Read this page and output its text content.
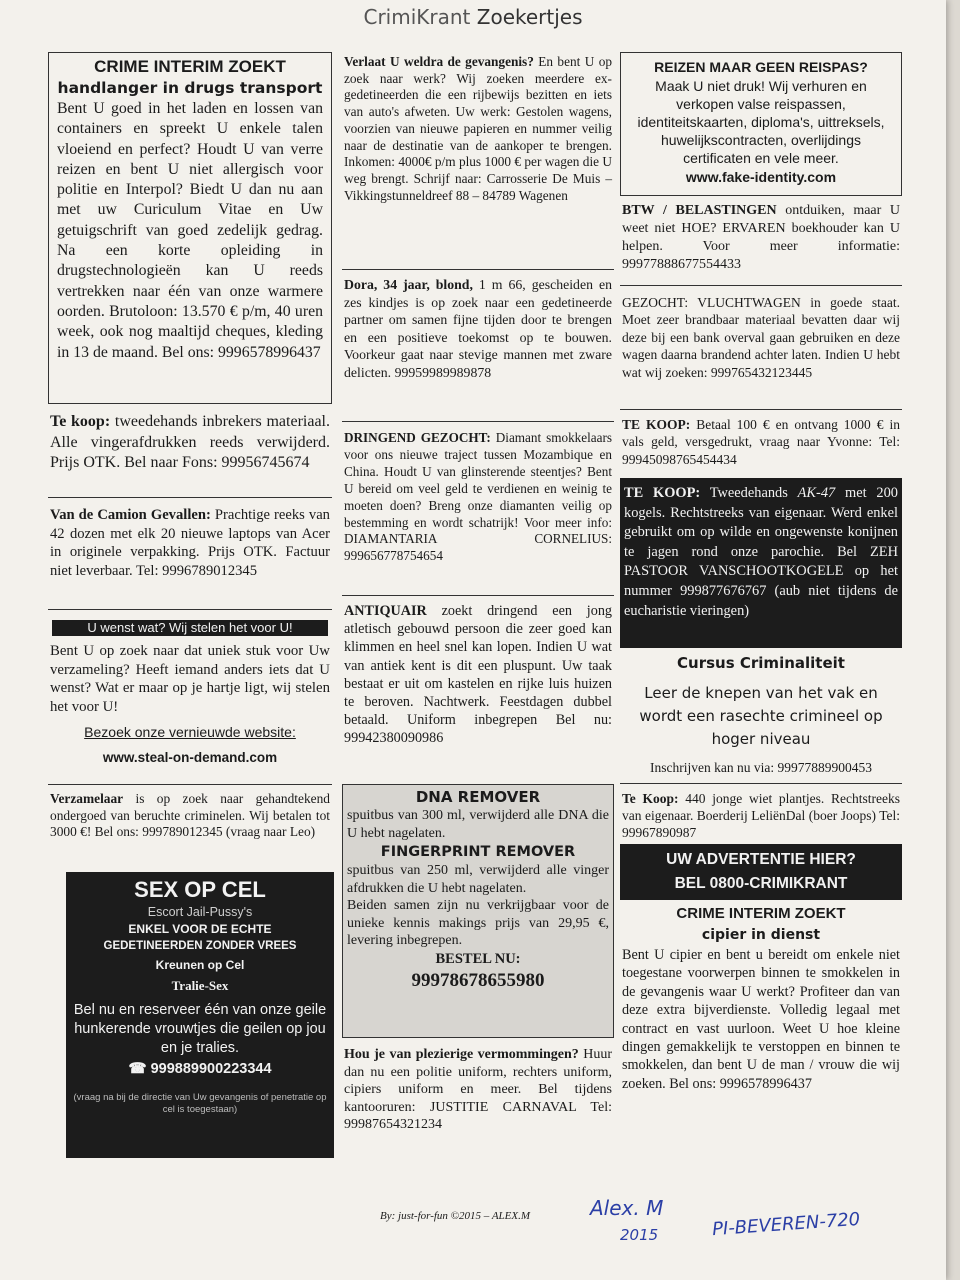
CrimiKrant Zoekertjes
CRIME INTERIM ZOEKT
handlanger in drugs transport

Bent U goed in het laden en lossen van containers en spreekt U enkele talen vloeiend en perfect? Houdt U van verre reizen en bent U niet allergisch voor politie en Interpol? Biedt U dan nu aan met uw Curiculum Vitae en Uw getuigschrift van goed zedelijk gedrag. Na een korte opleiding in drugstechnologieën kan U reeds vertrekken naar één van onze warmere oorden. Brutoloon: 13.570 € p/m, 40 uren week, ook nog maaltijd cheques, kleding in 13 de maand. Bel ons: 9996578996437

Te koop: tweedehands inbrekers materiaal. Alle vingerafdrukken reeds verwijderd. Prijs OTK. Bel naar Fons: 99956745674

Van de Camion Gevallen: Prachtige reeks van 42 dozen met elk 20 nieuwe laptops van Acer in originele verpakking. Prijs OTK. Factuur niet leverbaar. Tel: 9996789012345

U wenst wat? Wij stelen het voor U!

Bent U op zoek naar dat uniek stuk voor Uw verzameling? Heeft iemand anders iets dat U wenst? Wat er maar op je hartje ligt, wij stelen het voor U!

Bezoek onze vernieuwde website:
www.steal-on-demand.com

Verzamelaar is op zoek naar gehandtekend ondergoed van beruchte criminelen. Wij betalen tot 3000 €! Bel ons: 999789012345 (vraag naar Leo)

SEX OP CEL
Escort Jail-Pussy's
ENKEL VOOR DE ECHTE
GEDETINEERDEN ZONDER VREES
Kreunen op Cel
Tralie-Sex

Bel nu en reserveer één van onze geile hunkerende vrouwtjes die geilen op jou en je tralies.

☎ 999889900223344

(vraag na bij de directie van Uw gevangenis of penetratie op cel is toegestaan)

Verlaat U weldra de gevangenis? En bent U op zoek naar werk? Wij zoeken meerdere ex-gedetineerden die een rijbewijs bezitten en iets van auto's afweten. Uw werk: Gestolen wagens, voorzien van nieuwe papieren en nummer veilig naar de destinatie van de aankoper te brengen. Inkomen: 4000€ p/m plus 1000 € per wagen die U weg brengt. Schrijf naar: Carrosserie De Muis – Vikkingstunneldreef 88 – 84789 Wagenen

Dora, 34 jaar, blond, 1 m 66, gescheiden en zes kindjes is op zoek naar een gedetineerde partner om samen fijne tijden door te brengen en een positieve toekomst op te bouwen. Voorkeur gaat naar stevige mannen met zware delicten. 99959989989878

DRINGEND GEZOCHT: Diamant smokkelaars voor ons nieuwe traject tussen Mozambique en China. Houdt U van glinsterende steentjes? Bent U bereid om veel geld te verdienen en weinig te moeten doen? Breng onze diamanten veilig op bestemming en wordt schatrijk! Voor meer info: DIAMANTARIA CORNELIUS: 999656778754654

ANTIQUAIR zoekt dringend een jong atletisch gebouwd persoon die zeer goed kan klimmen en heel snel kan lopen. Indien U wat van antiek kent is dit een pluspunt. Uw taak bestaat er uit om kastelen en rijke luis huizen te beroven. Nachtwerk. Feestdagen dubbel betaald. Uniform inbegrepen Bel nu: 99942380090986

DNA REMOVER

spuitbus van 300 ml, verwijderd alle DNA die U hebt nagelaten.

FINGERPRINT REMOVER

spuitbus van 250 ml, verwijderd alle vinger afdrukken die U hebt nagelaten.

Beiden samen zijn nu verkrijgbaar voor de unieke kennis makings prijs van 29,95 €, levering inbegrepen.

BESTEL NU:
99978678655980

Hou je van plezierige vermommingen? Huur dan nu een politie uniform, rechters uniform, cipiers uniform en meer. Bel tijdens kantooruren: JUSTITIE CARNAVAL Tel: 99987654321234

REIZEN MAAR GEEN REISPAS?

Maak U niet druk! Wij verhuren en verkopen valse reispassen, identiteitskaarten, diploma's, uittreksels, huwelijkscontracten, overlijdings certificaten en vele meer.

www.fake-identity.com

BTW / BELASTINGEN ontduiken, maar U weet niet HOE? ERVAREN boekhouder kan U helpen. Voor meer informatie: 99977888677554433

GEZOCHT: VLUCHTWAGEN in goede staat. Moet zeer brandbaar materiaal bevatten daar wij deze bij een bank overval gaan gebruiken en deze wagen daarna brandend achter laten. Indien U hebt wat wij zoeken: 999765432123445

TE KOOP: Betaal 100 € en ontvang 1000 € in vals geld, versgedrukt, vraag naar Yvonne: Tel: 99945098765454434

TE KOOP: Tweedehands AK-47 met 200 kogels. Rechtstreeks van eigenaar. Werd enkel gebruikt om op wilde en ongewenste konijnen te jagen rond onze parochie. Bel ZEH PASTOOR VANSCHOOTKOGELE op het nummer 999877676767 (aub niet tijdens de eucharistie vieringen)

Cursus Criminaliteit

Leer de knepen van het vak en wordt een rasechte crimineel op hoger niveau

Inschrijven kan nu via: 99977889900453

Te Koop: 440 jonge wiet plantjes. Rechtstreeks van eigenaar. Boerderij LeliënDal (boer Joops) Tel: 99967890987

UW ADVERTENTIE HIER?
BEL 0800-CRIMIKRANT
CRIME INTERIM ZOEKT
cipier in dienst

Bent U cipier en bent u bereidt om enkele niet toegestane voorwerpen binnen te smokkelen in de gevangenis waar U werkt? Profiteer dan van deze extra bijverdienste. Volledig legaal met contract en vast uurloon. Weet U hoe kleine dingen gemakkelijk te verstoppen en binnen te smokkelen, dan bent U de man / vrouw die wij zoeken. Bel ons: 9996578996437

By: just-for-fun ©2015 – ALEX.M	Alex. M
2015	PI-BEVEREN-720
